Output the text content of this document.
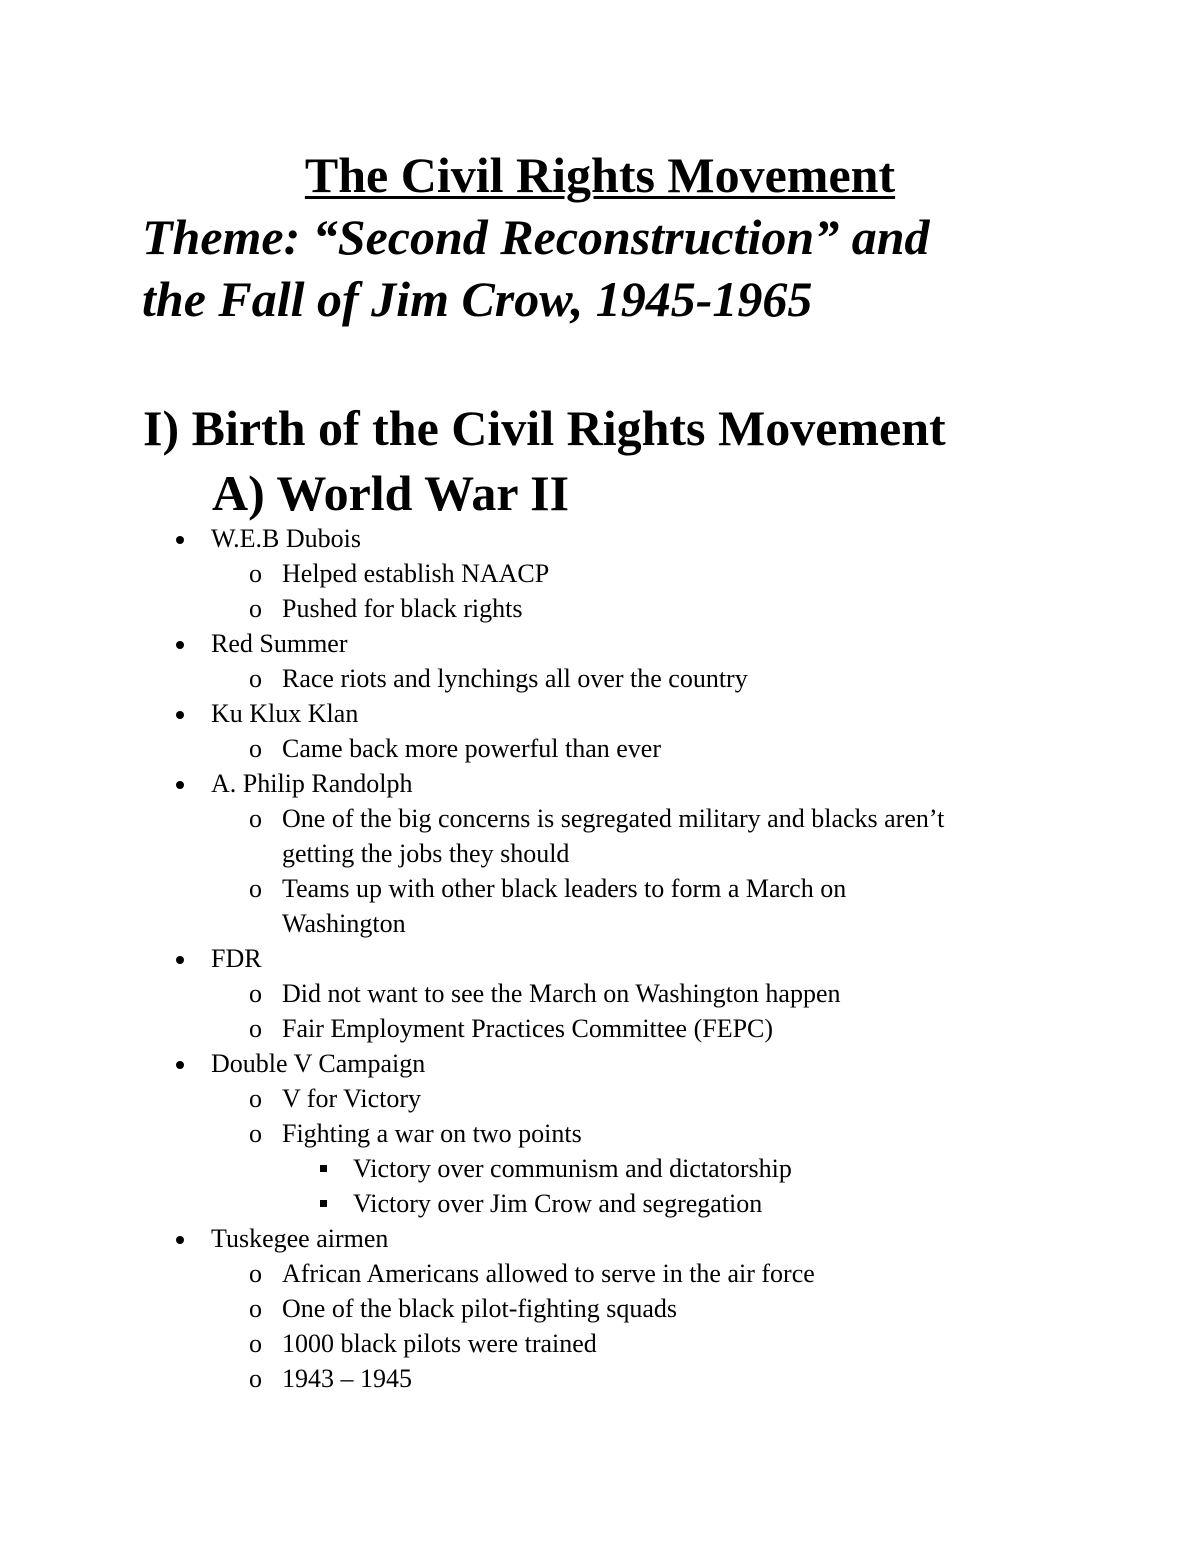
The Civil Rights Movement
Theme: “Second Reconstruction” and
the Fall of Jim Crow, 1945-1965
I) Birth of the Civil Rights Movement
A) World War II
W.E.B Dubois
o Helped establish NAACP
o Pushed for black rights
Red Summer
o Race riots and lynchings all over the country
Ku Klux Klan
o Came back more powerful than ever
A. Philip Randolph
o One of the big concerns is segregated military and blacks aren’t
getting the jobs they should
o Teams up with other black leaders to form a March on
Washington
FDR
o Did not want to see the March on Washington happen
o Fair Employment Practices Committee (FEPC)
Double V Campaign
o V for Victory
o Fighting a war on two points
Victory over communism and dictatorship
Victory over Jim Crow and segregation
Tuskegee airmen
o African Americans allowed to serve in the air force
o One of the black pilot-fighting squads
o 1000 black pilots were trained
o 1943 – 1945
